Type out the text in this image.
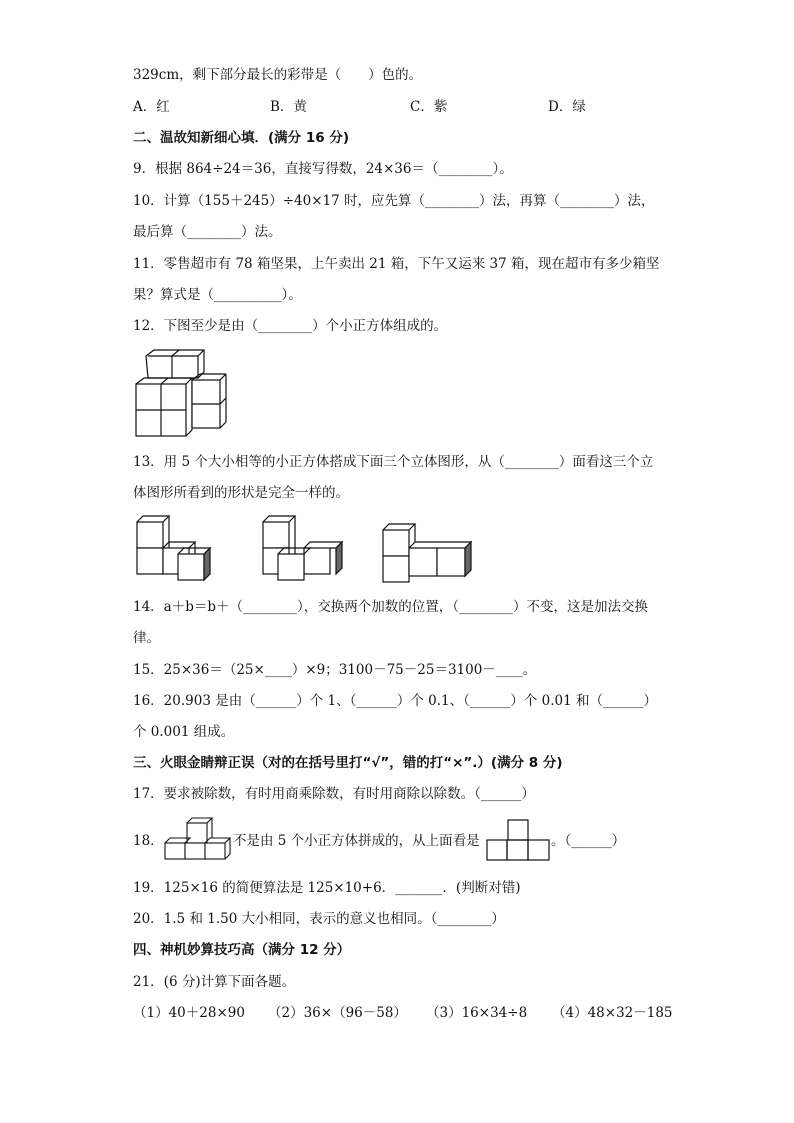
329cm，剩下部分最长的彩带是（　　）色的。
A．红	B．黄	C．紫	D．绿
二、温故知新细心填．(满分 16 分)
9．根据 864÷24＝36，直接写得数，24×36＝（________）。
10．计算（155＋245）÷40×17 时，应先算（________）法，再算（________）法，
最后算（________）法。
11．零售超市有 78 箱坚果，上午卖出 21 箱，下午又运来 37 箱，现在超市有多少箱坚
果？算式是（__________）。
12．下图至少是由（________）个小正方体组成的。
13．用 5 个大小相等的小正方体搭成下面三个立体图形，从（________）面看这三个立
体图形所看到的形状是完全一样的。
14．a＋b＝b＋（________），交换两个加数的位置，（________）不变，这是加法交换
律。
15．25×36＝（25×____）×9；3100－75－25＝3100－____。
16．20.903 是由（______）个 1、（______）个 0.1、（______）个 0.01 和（______）
个 0.001 组成。
三、火眼金睛辩正误（对的在括号里打“√”，错的打“×”.）(满分 8 分)
17．要求被除数，有时用商乘除数，有时用商除以除数。（______）
18．	不是由 5 个小正方体拼成的，从上面看是	。（______）
19．125×16 的简便算法是 125×10+6．_______．(判断对错)
20．1.5 和 1.50 大小相同，表示的意义也相同。（________）
四、神机妙算技巧高（满分 12 分）
21．(6 分)计算下面各题。
（1）40＋28×90 （2）36×（96－58） （3）16×34÷8 （4）48×32－185
